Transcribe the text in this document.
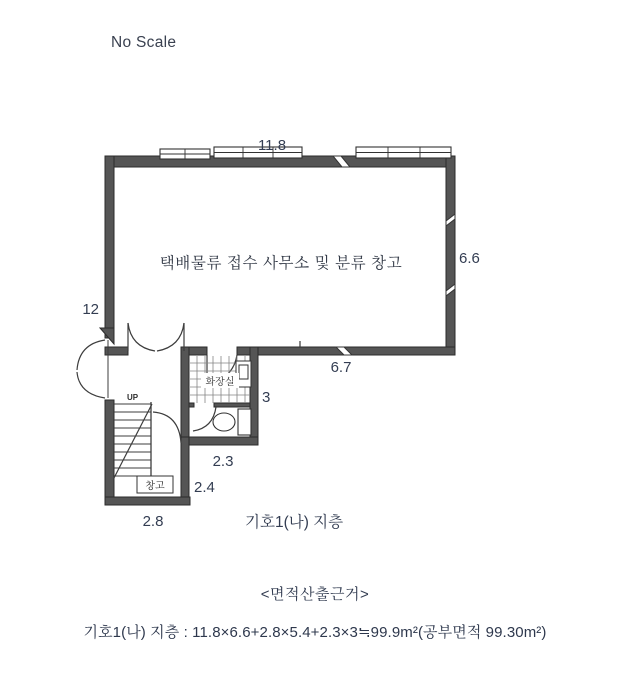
No Scale
화장실
UP
창고
택배물류 접수 사무소 및 분류 창고
11.8
6.6
12
6.7
3
2.3
2.4
2.8	기호1(나) 지층
<면적산출근거>
기호1(나) 지층 : 11.8×6.6+2.8×5.4+2.3×3≒99.9m²(공부면적 99.30m²)
